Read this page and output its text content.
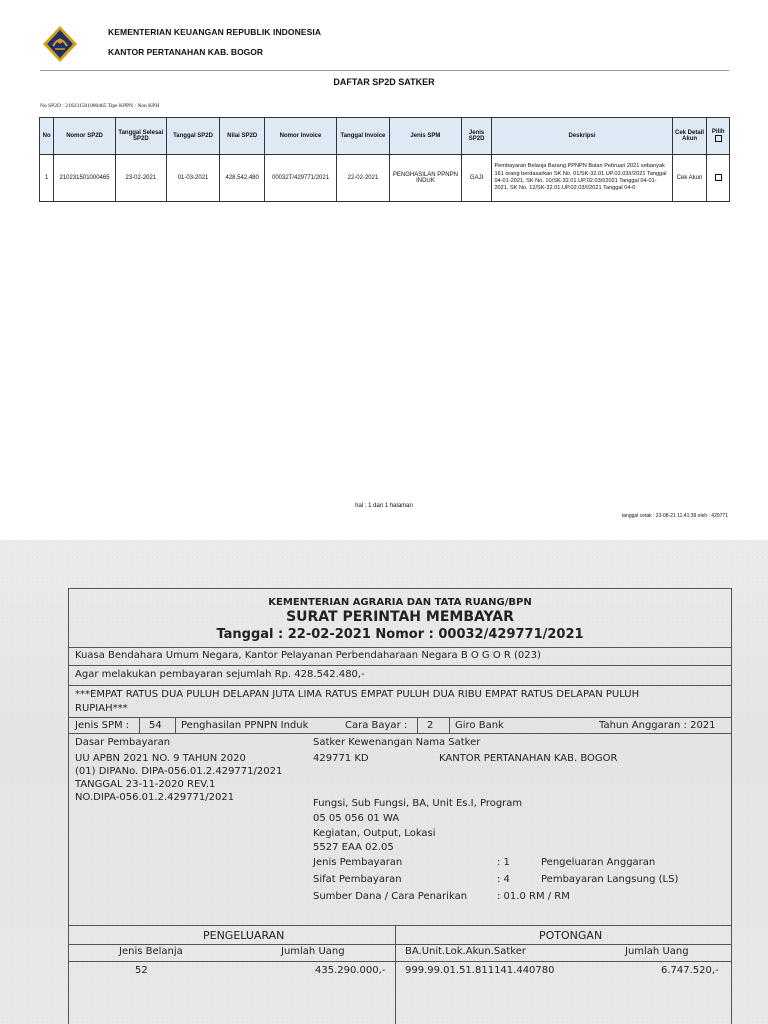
KEMENTERIAN KEUANGAN REPUBLIK INDONESIA
KANTOR PERTANAHAN KAB. BOGOR
DAFTAR SP2D SATKER
No SP2D : 210231501000465 Tipe KPPN : Non KPH
No	Nomor SP2D	Tanggal Selesai SP2D	Tanggal SP2D	Nilai SP2D	Nomor Invoice	Tanggal Invoice	Jenis SPM	Jenis SP2D	Deskripsi	Cek Detail Akun	Pilih

1	210231501000465	23-02-2021	01-03-2021	428,542,480	00032T/429771/2021	22-02-2021	PENGHASILAN PPNPN INDUK	GAJI	Pembayaran Belanja Barang PPNPN Bulan Pebruari 2021 sebanyak 161 orang berdasarkan SK No. 01/SK-32.01.UP.02.03/I/2021 Tanggal 04-01-2021, SK No. 10/SK-32.01.UP.02.03/I/2021 Tanggal 04-01-2021, SK No. 12/SK-32.01.UP.02.03/I/2021 Tanggal 04-0	Cek Akun	
hal : 1 dari 1 halaman
tanggal cetak : 23-08-21 11:41:39 oleh : 429771
KEMENTERIAN AGRARIA DAN TATA RUANG/BPN
SURAT PERINTAH MEMBAYAR
Tanggal : 22-02-2021 Nomor : 00032/429771/2021
Kuasa Bendahara Umum Negara, Kantor Pelayanan Perbendaharaan Negara B O G O R (023)
Agar melakukan pembayaran sejumlah Rp. 428.542.480,-
***EMPAT RATUS DUA PULUH DELAPAN JUTA LIMA RATUS EMPAT PULUH DUA RIBU EMPAT RATUS DELAPAN PULUH
RUPIAH***
Jenis SPM : 54 Penghasilan PPNPN Induk	Cara Bayar : 2 Giro Bank	Tahun Anggaran : 2021
Dasar Pembayaran
UU APBN 2021 NO. 9 TAHUN 2020
(01) DIPANo. DIPA-056.01.2.429771/2021
TANGGAL 23-11-2020 REV.1
NO.DIPA-056.01.2.429771/2021
Satker Kewenangan Nama Satker
429771 KD	KANTOR PERTANAHAN KAB. BOGOR
Fungsi, Sub Fungsi, BA, Unit Es.I, Program
05 05 056 01 WA
Kegiatan, Output, Lokasi
5527 EAA 02.05
Jenis Pembayaran	: 1	Pengeluaran Anggaran
Sifat Pembayaran	: 4	Pembayaran Langsung (LS)
Sumber Dana / Cara Penarikan	: 01.0 RM / RM
PENGELUARAN	POTONGAN
Jenis Belanja	Jumlah Uang	BA.Unit.Lok.Akun.Satker	Jumlah Uang
52	435.290.000,- 999.99.01.51.811141.440780	6.747.520,-
